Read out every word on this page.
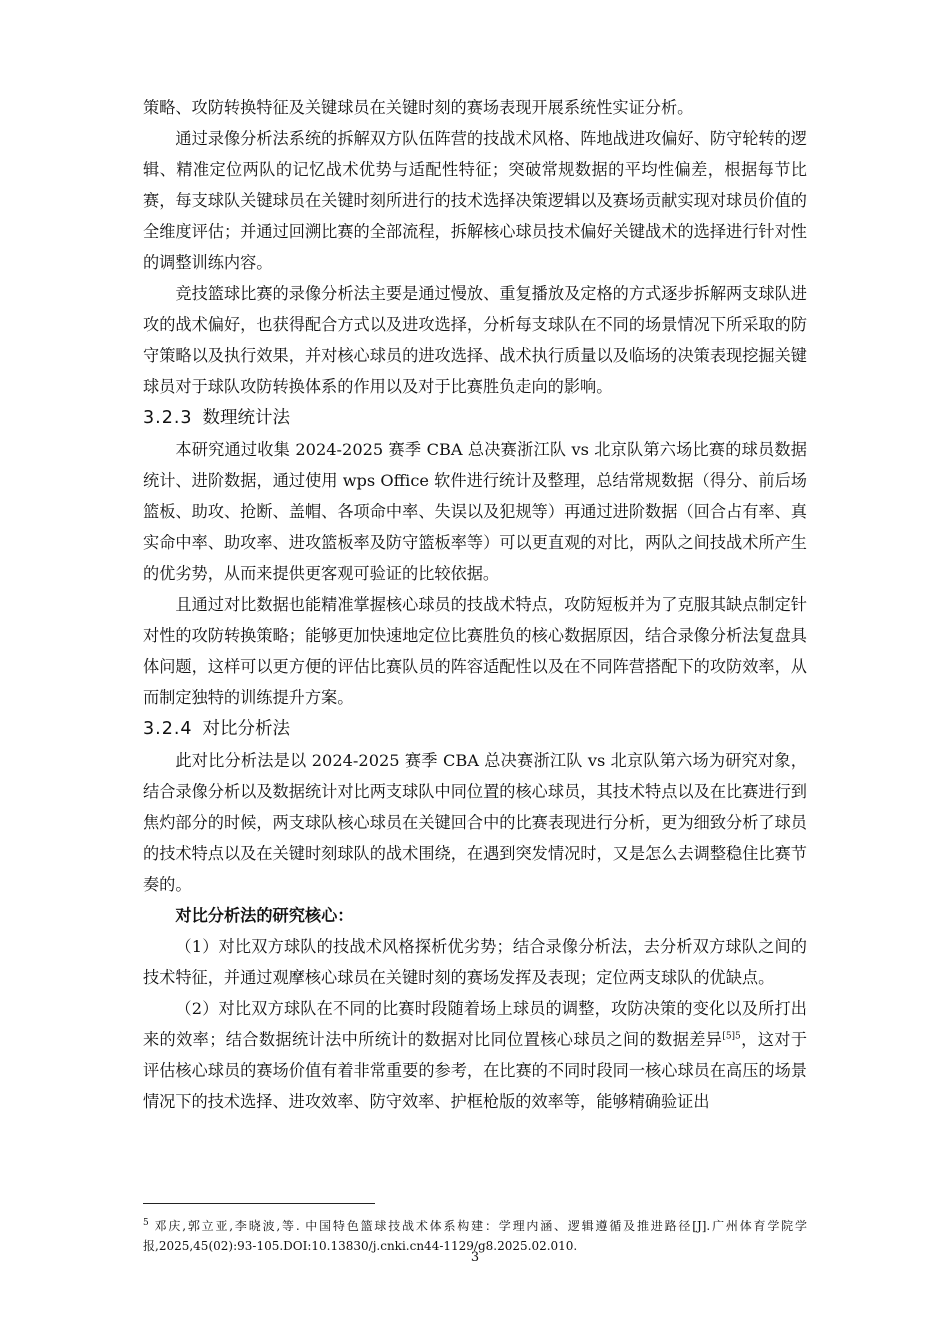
策略、攻防转换特征及关键球员在关键时刻的赛场表现开展系统性实证分析。

通过录像分析法系统的拆解双方队伍阵营的技战术风格、阵地战进攻偏好、防守轮转的逻辑、精准定位两队的记忆战术优势与适配性特征；突破常规数据的平均性偏差，根据每节比赛，每支球队关键球员在关键时刻所进行的技术选择决策逻辑以及赛场贡献实现对球员价值的全维度评估；并通过回溯比赛的全部流程，拆解核心球员技术偏好关键战术的选择进行针对性的调整训练内容。

竞技篮球比赛的录像分析法主要是通过慢放、重复播放及定格的方式逐步拆解两支球队进攻的战术偏好，也获得配合方式以及进攻选择，分析每支球队在不同的场景情况下所采取的防守策略以及执行效果，并对核心球员的进攻选择、战术执行质量以及临场的决策表现挖掘关键球员对于球队攻防转换体系的作用以及对于比赛胜负走向的影响。

3.2.3 数理统计法

本研究通过收集 2024-2025 赛季 CBA 总决赛浙江队 vs 北京队第六场比赛的球员数据统计、进阶数据，通过使用 wps Office 软件进行统计及整理，总结常规数据（得分、前后场篮板、助攻、抢断、盖帽、各项命中率、失误以及犯规等）再通过进阶数据（回合占有率、真实命中率、助攻率、进攻篮板率及防守篮板率等）可以更直观的对比，两队之间技战术所产生的优劣势，从而来提供更客观可验证的比较依据。

且通过对比数据也能精准掌握核心球员的技战术特点，攻防短板并为了克服其缺点制定针对性的攻防转换策略；能够更加快速地定位比赛胜负的核心数据原因，结合录像分析法复盘具体问题，这样可以更方便的评估比赛队员的阵容适配性以及在不同阵营搭配下的攻防效率，从而制定独特的训练提升方案。

3.2.4 对比分析法

此对比分析法是以 2024-2025 赛季 CBA 总决赛浙江队 vs 北京队第六场为研究对象，结合录像分析以及数据统计对比两支球队中同位置的核心球员，其技术特点以及在比赛进行到焦灼部分的时候，两支球队核心球员在关键回合中的比赛表现进行分析，更为细致分析了球员的技术特点以及在关键时刻球队的战术围绕，在遇到突发情况时，又是怎么去调整稳住比赛节奏的。

对比分析法的研究核心：

（1）对比双方球队的技战术风格探析优劣势；结合录像分析法，去分析双方球队之间的技术特征，并通过观摩核心球员在关键时刻的赛场发挥及表现；定位两支球队的优缺点。

（2）对比双方球队在不同的比赛时段随着场上球员的调整，攻防决策的变化以及所打出来的效率；结合数据统计法中所统计的数据对比同位置核心球员之间的数据差异$^{[5]5}$，这对于评估核心球员的赛场价值有着非常重要的参考，在比赛的不同时段同一核心球员在高压的场景情况下的技术选择、进攻效率、防守效率、护框枪版的效率等，能够精确验证出

$^5$ 邓庆,郭立亚,李晓波,等. 中国特色篮球技战术体系构建：学理内涵、逻辑遵循及推进路径[J].广州体育学院学报,2025,45(02):93-105.DOI:10.13830/j.cnki.cn44-1129/g8.2025.02.010.
3
